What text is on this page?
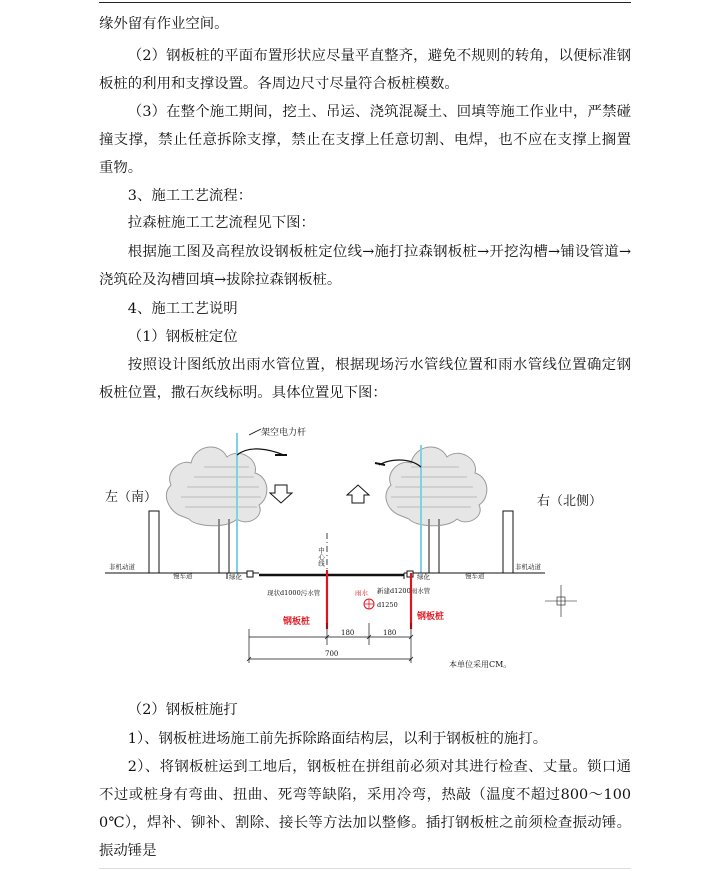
缘外留有作业空间。

（2）钢板桩的平面布置形状应尽量平直整齐，避免不规则的转角，以便标准钢板桩的利用和支撑设置。各周边尺寸尽量符合板桩模数。

（3）在整个施工期间，挖土、吊运、浇筑混凝土、回填等施工作业中，严禁碰撞支撑，禁止任意拆除支撑，禁止在支撑上任意切割、电焊，也不应在支撑上搁置重物。

3、施工工艺流程：

拉森桩施工工艺流程见下图：

根据施工图及高程放设钢板桩定位线→施打拉森钢板桩→开挖沟槽→铺设管道→浇筑砼及沟槽回填→拔除拉森钢板桩。

4、施工工艺说明

（1）钢板桩定位

按照设计图纸放出雨水管位置，根据现场污水管线位置和雨水管线位置确定钢板桩位置，撒石灰线标明。具体位置见下图：

（2）钢板桩施打

1）、钢板桩进场施工前先拆除路面结构层，以利于钢板桩的施打。

2）、将钢板桩运到工地后，钢板桩在拼组前必须对其进行检查、丈量。锁口通不过或桩身有弯曲、扭曲、死弯等缺陷，采用冷弯，热敲（温度不超过800～1000℃），焊补、铆补、割除、接长等方法加以整修。插打钢板桩之前须检查振动锤。振动锤是

架空电力杆
左（南）	右（北侧）
非机动道
慢车道	绿化	绿化	慢车道
非机动道
中心线
现状d1000污水管	雨水 新建d1200雨水管
d1250
钢板桩	钢板桩
180	180
700
本单位采用CM。
